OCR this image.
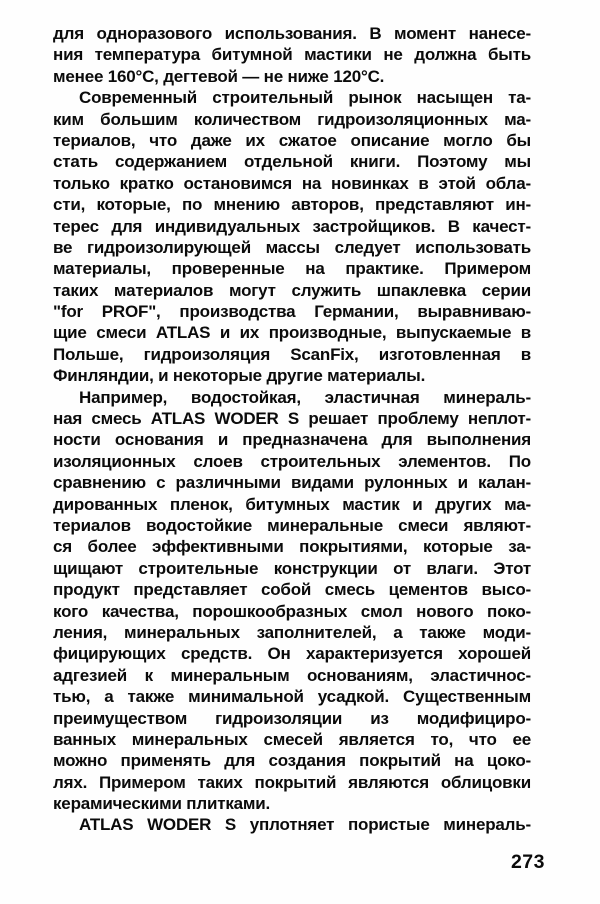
для одноразового использования. В момент нанесе-
ния температура битумной мастики не должна быть
менее 160°С, дегтевой — не ниже 120°С.
Современный строительный рынок насыщен та-
ким большим количеством гидроизоляционных ма-
териалов, что даже их сжатое описание могло бы
стать содержанием отдельной книги. Поэтому мы
только кратко остановимся на новинках в этой обла-
сти, которые, по мнению авторов, представляют ин-
терес для индивидуальных застройщиков. В качест-
ве гидроизолирующей массы следует использовать
материалы, проверенные на практике. Примером
таких материалов могут служить шпаклевка серии
"for PROF", производства Германии, выравниваю-
щие смеси ATLAS и их производные, выпускаемые в
Польше, гидроизоляция ScanFix, изготовленная в
Финляндии, и некоторые другие материалы.
Например, водостойкая, эластичная минераль-
ная смесь ATLAS WODER S решает проблему неплот-
ности основания и предназначена для выполнения
изоляционных слоев строительных элементов. По
сравнению с различными видами рулонных и калан-
дированных пленок, битумных мастик и других ма-
териалов водостойкие минеральные смеси являют-
ся более эффективными покрытиями, которые за-
щищают строительные конструкции от влаги. Этот
продукт представляет собой смесь цементов высо-
кого качества, порошкообразных смол нового поко-
ления, минеральных заполнителей, а также моди-
фицирующих средств. Он характеризуется хорошей
адгезией к минеральным основаниям, эластичнос-
тью, а также минимальной усадкой. Существенным
преимуществом гидроизоляции из модифициро-
ванных минеральных смесей является то, что ее
можно применять для создания покрытий на цоко-
лях. Примером таких покрытий являются облицовки
керамическими плитками.
ATLAS WODER S уплотняет пористые минераль-
273
